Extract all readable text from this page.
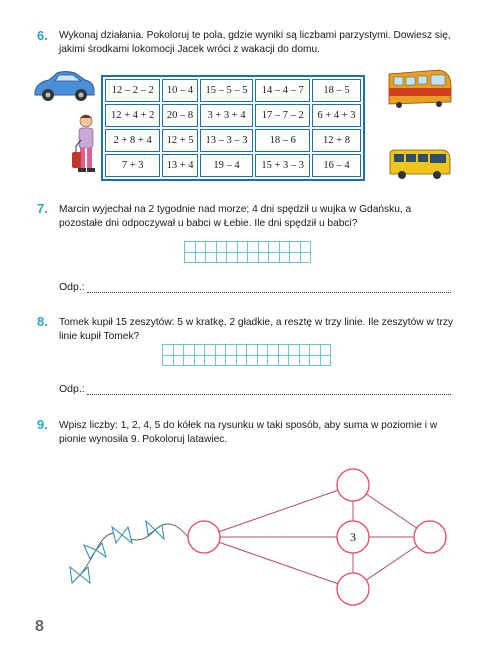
6. Wykonaj działania. Pokoloruj te pola, gdzie wyniki są liczbami parzystymi. Dowiesz się, jakimi środkami lokomocji Jacek wróci z wakacji do domu.
12 – 2 – 2	10 – 4	15 – 5 – 5	14 – 4 – 7	18 – 5
12 + 4 + 2	20 – 8	3 + 3 + 4	17 – 7 – 2	6 + 4 + 3
2 + 8 + 4	12 + 5	13 – 3 – 3	18 – 6	12 + 8
7 + 3	13 + 4	19 – 4	15 + 3 – 3	16 – 4
7. Marcin wyjechał na 2 tygodnie nad morze; 4 dni spędził u wujka w Gdańsku, a pozostałe dni odpoczywał u babci w Łebie. Ile dni spędził u babci?
Odp.:
8. Tomek kupił 15 zeszytów: 5 w kratkę, 2 gładkie, a resztę w trzy linie. Ile zeszytów w trzy linie kupił Tomek?
Odp.:
9. Wpisz liczby: 1, 2, 4, 5 do kółek na rysunku w taki sposób, aby suma w poziomie i w pionie wynosiła 9. Pokoloruj latawiec.
3
8
